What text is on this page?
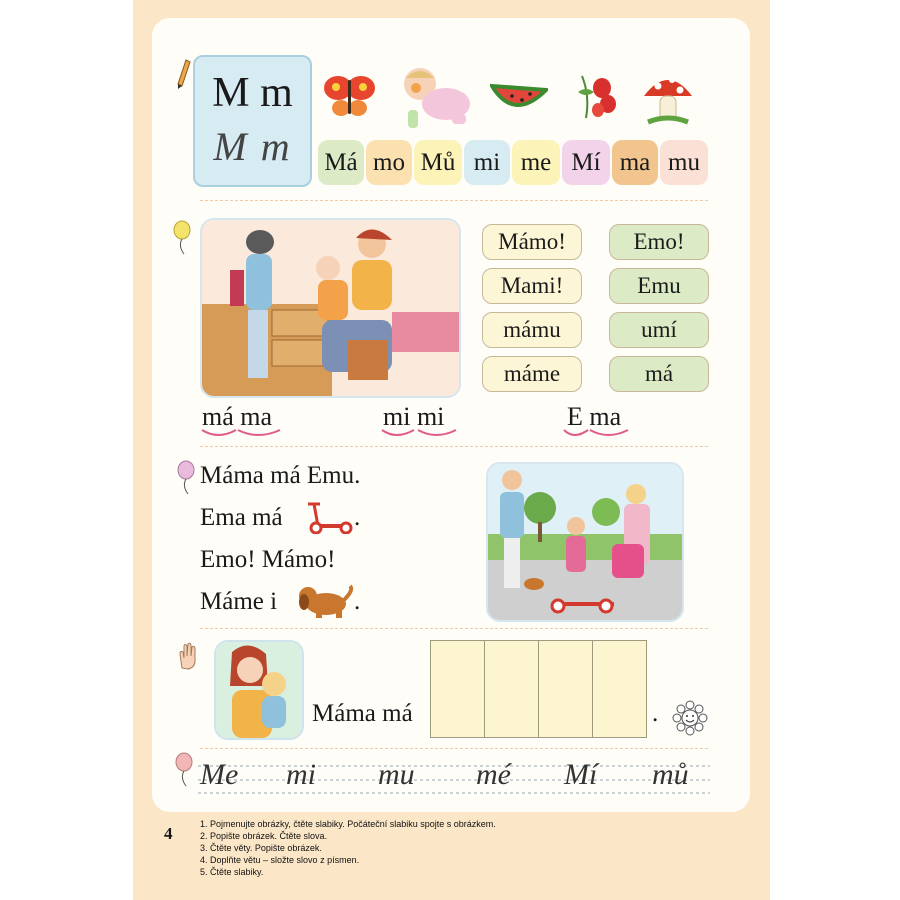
M m
M m	Má mo Mů mi me Mí ma mu
Mámo!
Mami!
mámu
máme
Emo!
Emu
umí
má
má ma	mi mi	E ma
Máma má Emu.
Ema má	.
Emo! Mámo!
Máme i	.
Máma má	.
Me mi mu mé Mí mů
4	1. Pojmenujte obrázky, čtěte slabiky. Počáteční slabiku spojte s obrázkem.
2. Popište obrázek. Čtěte slova.
3. Čtěte věty. Popište obrázek.
4. Doplňte větu – složte slovo z písmen.
5. Čtěte slabiky.
